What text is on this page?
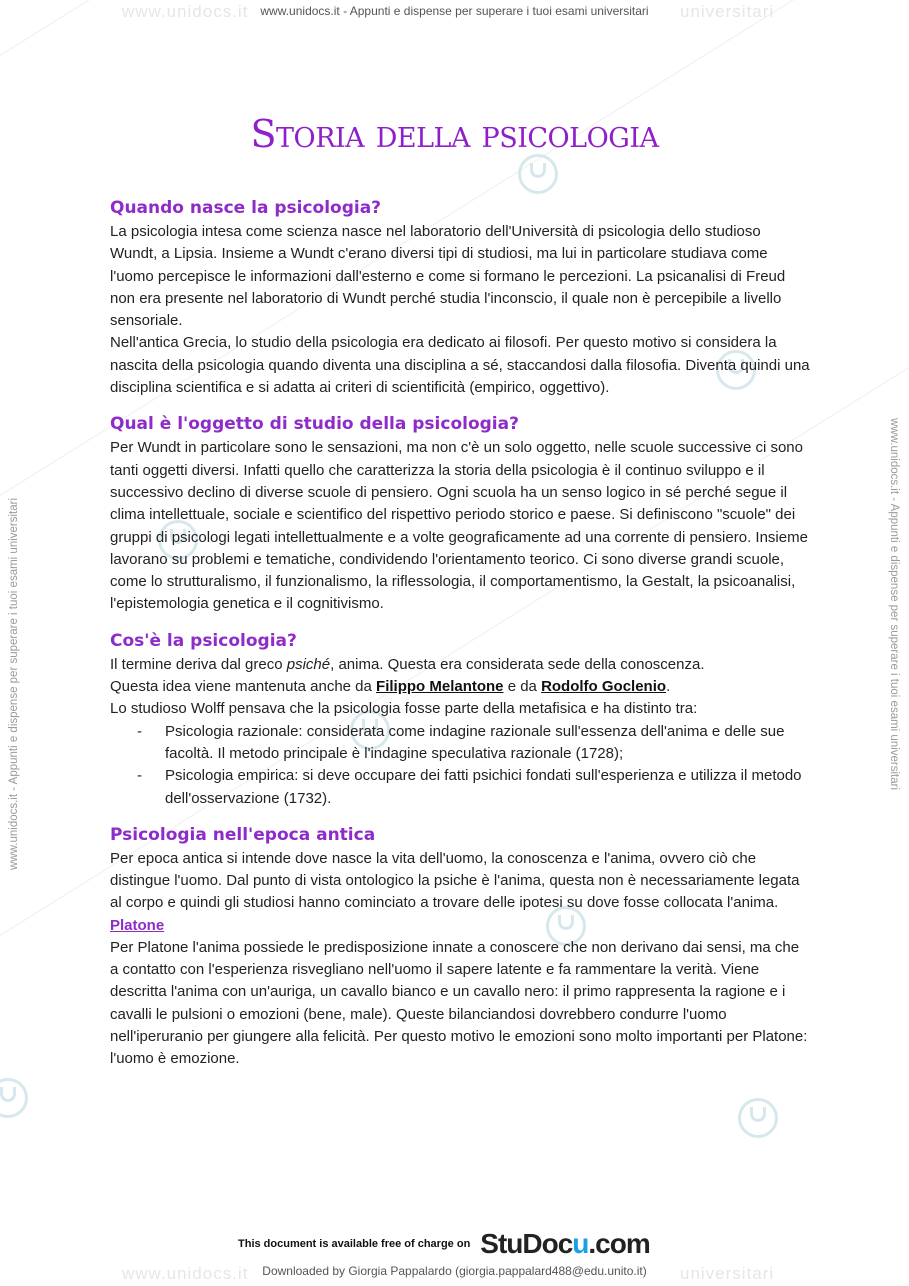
www.unidocs.it	universitari
www.unidocs.it	universitari
www.unidocs.it - Appunti e dispense per superare i tuoi esami universitari
Downloaded by Giorgia Pappalardo (giorgia.pappalard488@edu.unito.it)
www.unidocs.it - Appunti e dispense per superare i tuoi esami universitari	www.unidocs.it - Appunti e dispense per superare i tuoi esami universitari
Storia della psicologia
Quando nasce la psicologia?

La psicologia intesa come scienza nasce nel laboratorio dell'Università di psicologia dello studioso Wundt, a Lipsia. Insieme a Wundt c'erano diversi tipi di studiosi, ma lui in particolare studiava come l'uomo percepisce le informazioni dall'esterno e come si formano le percezioni. La psicanalisi di Freud non era presente nel laboratorio di Wundt perché studia l'inconscio, il quale non è percepibile a livello sensoriale.

Nell'antica Grecia, lo studio della psicologia era dedicato ai filosofi. Per questo motivo si considera la nascita della psicologia quando diventa una disciplina a sé, staccandosi dalla filosofia. Diventa quindi una disciplina scientifica e si adatta ai criteri di scientificità (empirico, oggettivo).

Qual è l'oggetto di studio della psicologia?

Per Wundt in particolare sono le sensazioni, ma non c'è un solo oggetto, nelle scuole successive ci sono tanti oggetti diversi. Infatti quello che caratterizza la storia della psicologia è il continuo sviluppo e il successivo declino di diverse scuole di pensiero. Ogni scuola ha un senso logico in sé perché segue il clima intellettuale, sociale e scientifico del rispettivo periodo storico e paese. Si definiscono "scuole" dei gruppi di psicologi legati intellettualmente e a volte geograficamente ad una corrente di pensiero. Insieme lavorano su problemi e tematiche, condividendo l'orientamento teorico. Ci sono diverse grandi scuole, come lo strutturalismo, il funzionalismo, la riflessologia, il comportamentismo, la Gestalt, la psicoanalisi, l'epistemologia genetica e il cognitivismo.

Cos'è la psicologia?

Il termine deriva dal greco psiché, anima. Questa era considerata sede della conoscenza.

Questa idea viene mantenuta anche da Filippo Melantone e da Rodolfo Goclenio.

Lo studioso Wolff pensava che la psicologia fosse parte della metafisica e ha distinto tra:

- Psicologia razionale: considerata come indagine razionale sull'essenza dell'anima e delle sue facoltà. Il metodo principale è l'indagine speculativa razionale (1728);
- Psicologia empirica: si deve occupare dei fatti psichici fondati sull'esperienza e utilizza il metodo dell'osservazione (1732).
Psicologia nell'epoca antica

Per epoca antica si intende dove nasce la vita dell'uomo, la conoscenza e l'anima, ovvero ciò che distingue l'uomo. Dal punto di vista ontologico la psiche è l'anima, questa non è necessariamente legata al corpo e quindi gli studiosi hanno cominciato a trovare delle ipotesi su dove fosse collocata l'anima.

Platone

Per Platone l'anima possiede le predisposizione innate a conoscere che non derivano dai sensi, ma che a contatto con l'esperienza risvegliano nell'uomo il sapere latente e fa rammentare la verità. Viene descritta l'anima con un'auriga, un cavallo bianco e un cavallo nero: il primo rappresenta la ragione e i cavalli le pulsioni o emozioni (bene, male). Queste bilanciandosi dovrebbero condurre l'uomo nell'iperuranio per giungere alla felicità. Per questo motivo le emozioni sono molto importanti per Platone: l'uomo è emozione.

This document is available free of charge on StuDocu.com
